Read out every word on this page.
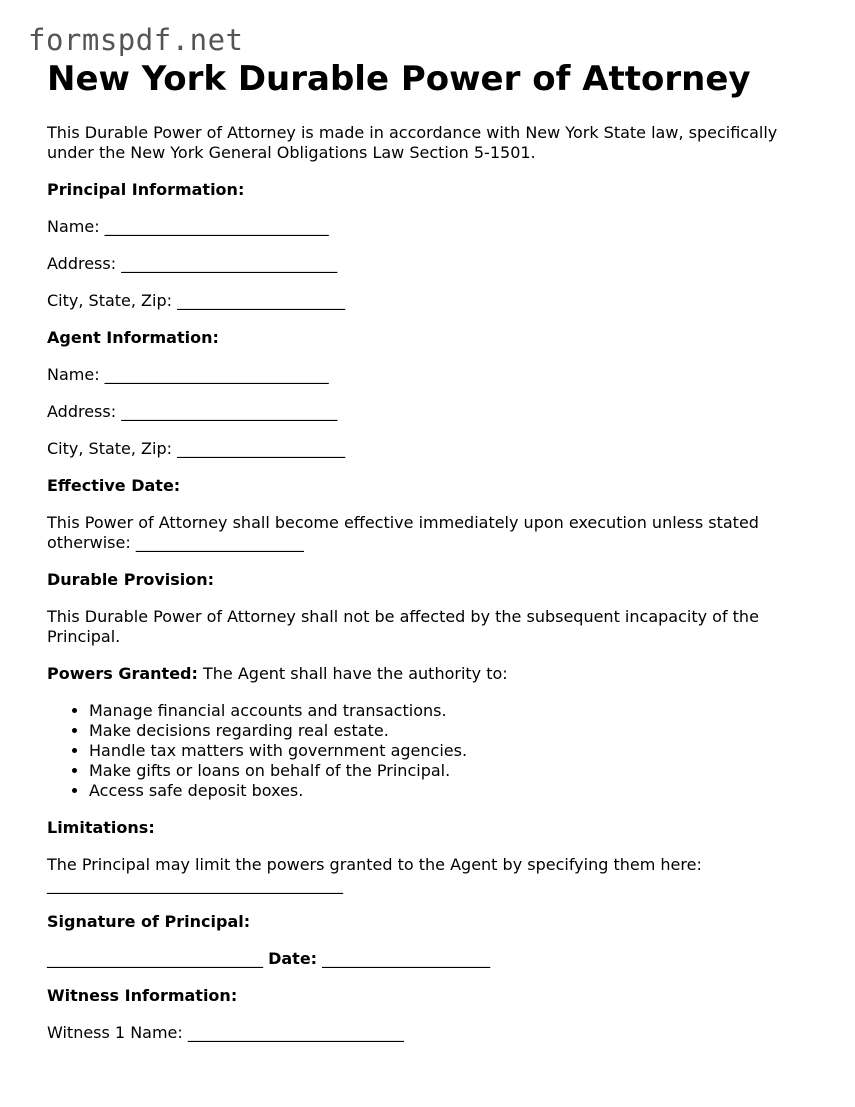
formspdf.net
New York Durable Power of Attorney

This Durable Power of Attorney is made in accordance with New York State law, specifically under the New York General Obligations Law Section 5-1501.

Principal Information:

Name: ____________________________

Address: ___________________________

City, State, Zip: _____________________

Agent Information:

Name: ____________________________

Address: ___________________________

City, State, Zip: _____________________

Effective Date:

This Power of Attorney shall become effective immediately upon execution unless stated otherwise: _____________________

Durable Provision:

This Durable Power of Attorney shall not be affected by the subsequent incapacity of the Principal.

Powers Granted: The Agent shall have the authority to:

• Manage financial accounts and transactions.
• Make decisions regarding real estate.
• Handle tax matters with government agencies.
• Make gifts or loans on behalf of the Principal.
• Access safe deposit boxes.

Limitations:

The Principal may limit the powers granted to the Agent by specifying them here: _____________________________________

Signature of Principal:

___________________________ Date: _____________________

Witness Information:

Witness 1 Name: ___________________________
